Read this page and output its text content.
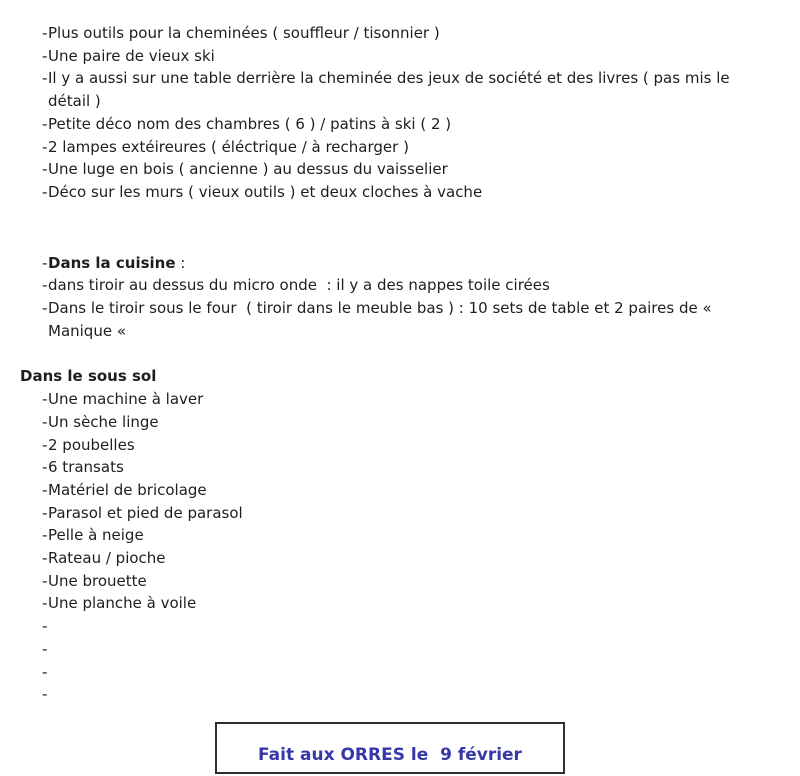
- Plus outils pour la cheminées ( souffleur / tisonnier )
- Une paire de vieux ski
- Il y a aussi sur une table derrière la cheminée des jeux de société et des livres ( pas mis le détail )
- Petite déco nom des chambres ( 6 ) / patins à ski ( 2 )
- 2 lampes extéireures ( éléctrique / à recharger )
- Une luge en bois ( ancienne ) au dessus du vaisselier
- Déco sur les murs ( vieux outils ) et deux cloches à vache
- Dans la cuisine :
- dans tiroir au dessus du micro onde  : il y a des nappes toile cirées
- Dans le tiroir sous le four  ( tiroir dans le meuble bas ) : 10 sets de table et 2 paires de « Manique «
Dans le sous sol
- Une machine à laver
- Un sèche linge
- 2 poubelles
- 6 transats
- Matériel de bricolage
- Parasol et pied de parasol
- Pelle à neige
- Rateau / pioche
- Une brouette
- Une planche à voile
-
-
-
-
Fait aux ORRES le  9 février
